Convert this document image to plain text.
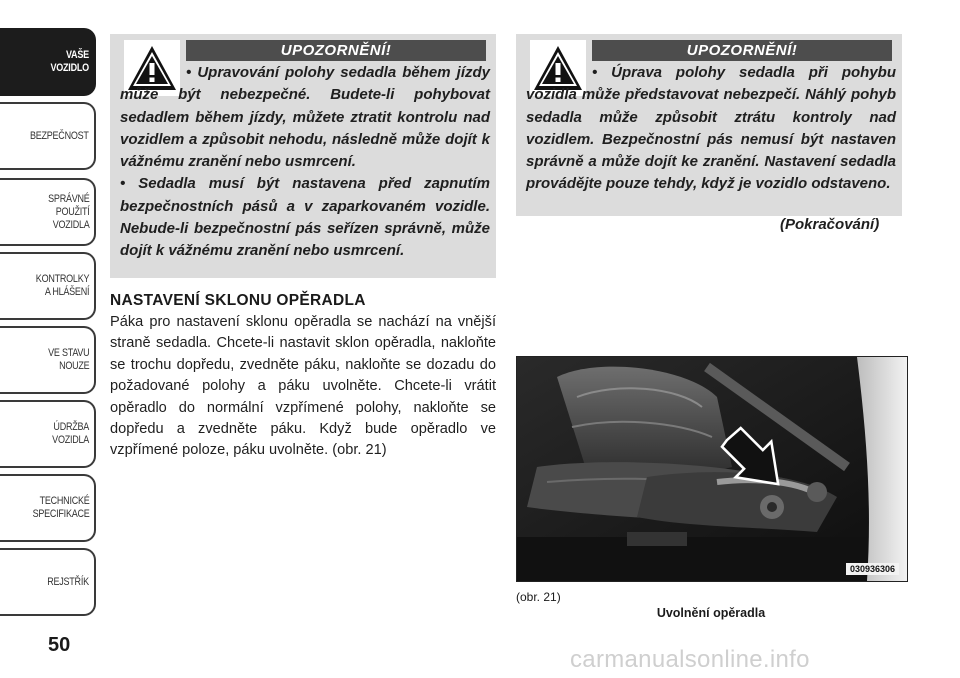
VAŠE
VOZIDLO
BEZPEČNOST
SPRÁVNÉ
POUŽITÍ
VOZIDLA
KONTROLKY
A HLÁŠENÍ
VE STAVU
NOUZE
ÚDRŽBA
VOZIDLA
TECHNICKÉ
SPECIFIKACE
REJSTŘÍK
50
UPOZORNĚNÍ!

• Upravování polohy sedadla během jízdy může být nebezpečné. Budete-li pohybovat sedadlem během jízdy, můžete ztratit kontrolu nad vozidlem a způsobit nehodu, následně může dojít k vážnému zranění nebo usmrcení.

• Sedadla musí být nastavena před zapnutím bezpečnostních pásů a v zaparkovaném vozidle. Nebude-li bezpečnostní pás seřízen správně, může dojít k vážnému zranění nebo usmrcení.

UPOZORNĚNÍ!

• Úprava polohy sedadla při pohybu vozidla může představovat nebezpečí. Náhlý pohyb sedadla může způsobit ztrátu kontroly nad vozidlem. Bezpečnostní pás nemusí být nastaven správně a může dojít ke zranění. Nastavení sedadla provádějte pouze tehdy, když je vozidlo odstaveno.

(Pokračování)
NASTAVENÍ SKLONU OPĚRADLA
Páka pro nastavení sklonu opěradla se nachází na vnější straně sedadla. Chcete-li nastavit sklon opěradla, nakloňte se trochu dopředu, zvedněte páku, nakloňte se dozadu do požadované polohy a páku uvolněte. Chcete-li vrátit opěradlo do normální vzpřímené polohy, nakloňte se dopředu a zvedněte páku. Když bude opěradlo ve vzpřímené poloze, páku uvolněte. (obr. 21)
030936306
(obr. 21)
Uvolnění opěradla
carmanualsonline.info
